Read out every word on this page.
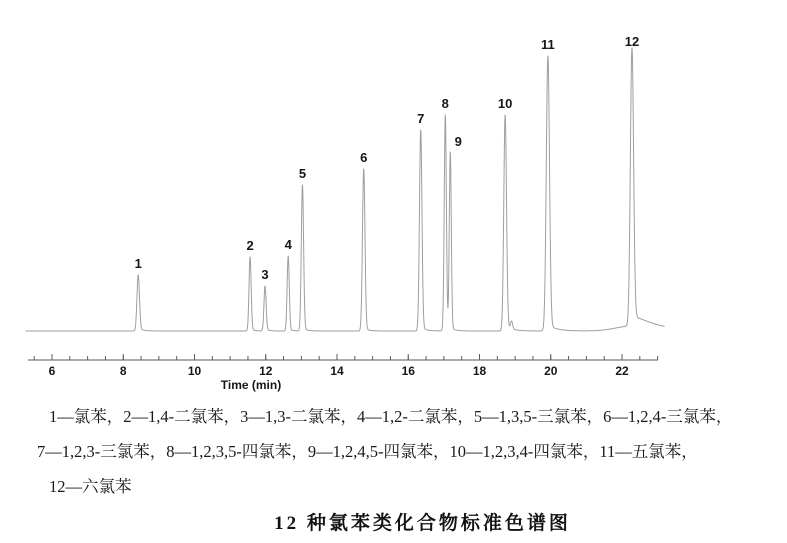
6	8	10	12	14	16	18	20	22
Time (min)
1
2
3
4
5
6
7
8
9
10
11	12
1—氯苯，2—1,4-二氯苯，3—1,3-二氯苯，4—1,2-二氯苯，5—1,3,5-三氯苯，6—1,2,4-三氯苯，
7—1,2,3-三氯苯，8—1,2,3,5-四氯苯，9—1,2,4,5-四氯苯，10—1,2,3,4-四氯苯，11—五氯苯，
12—六氯苯
12 种氯苯类化合物标准色谱图
